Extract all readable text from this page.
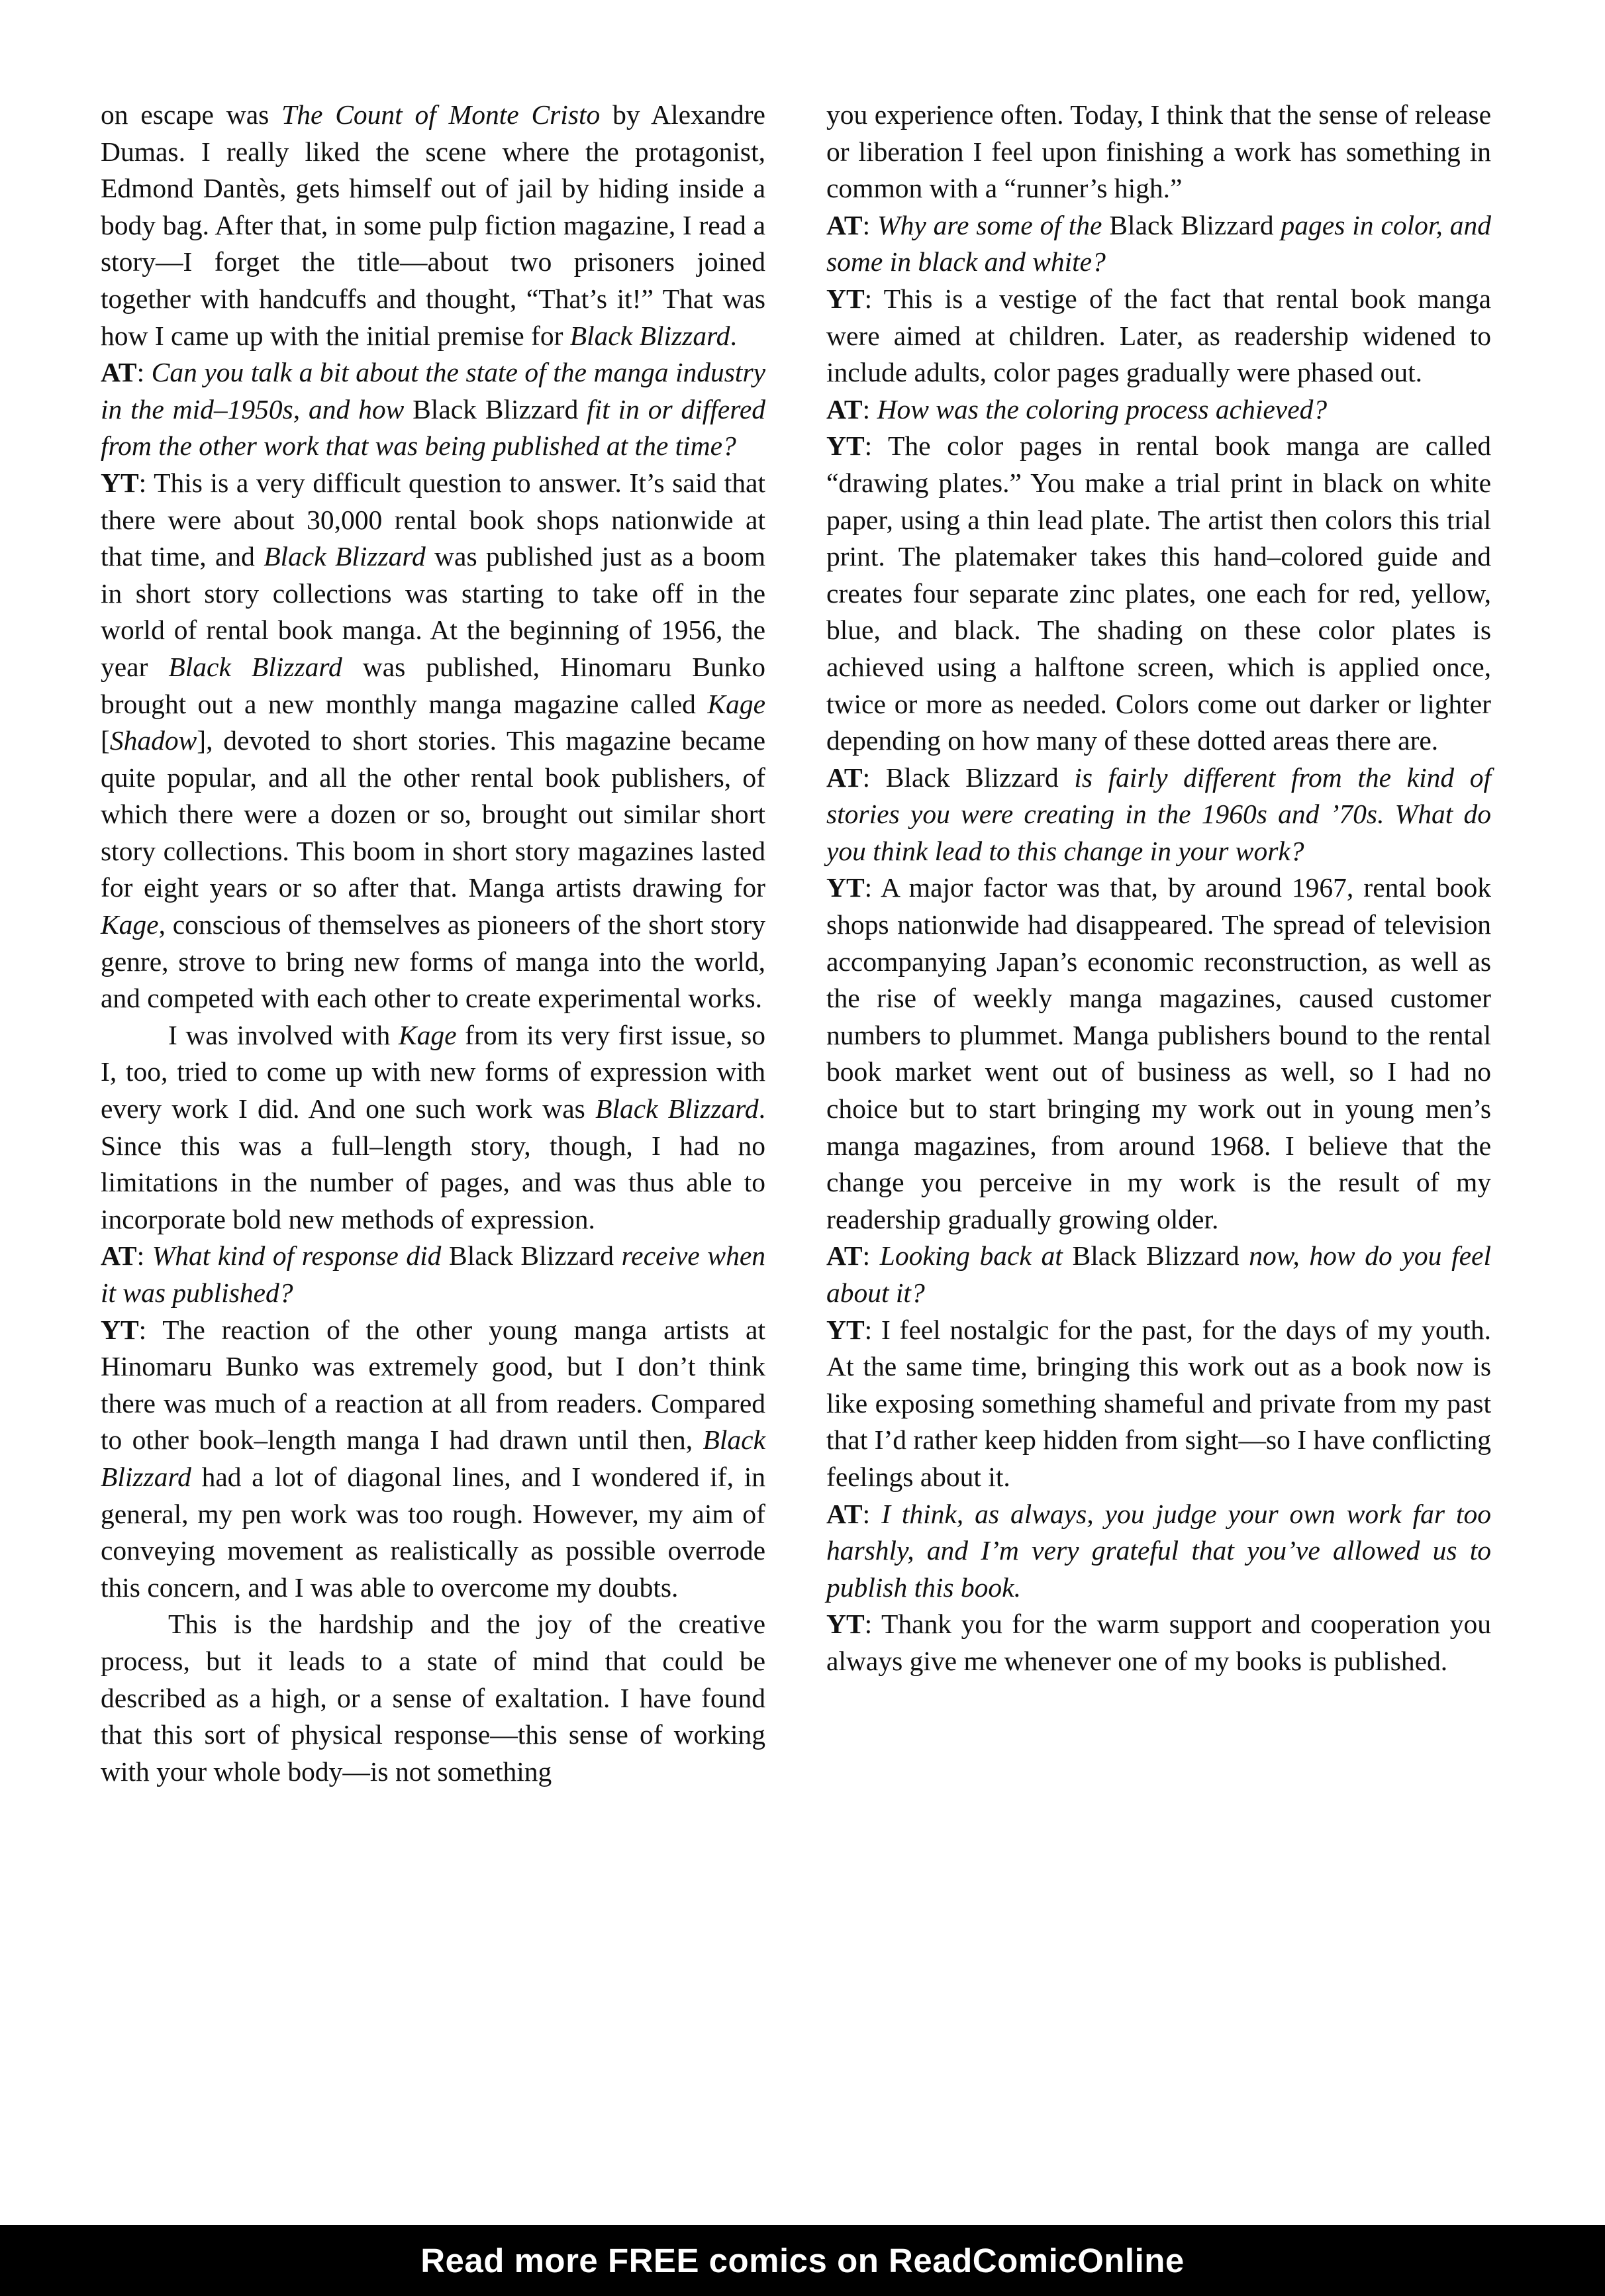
on escape was The Count of Monte Cristo by Alexandre Dumas. I really liked the scene where the protagonist, Edmond Dantès, gets himself out of jail by hiding inside a body bag. After that, in some pulp fiction magazine, I read a story—I forget the title—about two prisoners joined together with handcuffs and thought, “That’s it!” That was how I came up with the initial premise for Black Blizzard.

AT: Can you talk a bit about the state of the manga industry in the mid–1950s, and how Black Blizzard fit in or differed from the other work that was being published at the time?

YT: This is a very difficult question to answer. It’s said that there were about 30,000 rental book shops nationwide at that time, and Black Blizzard was published just as a boom in short story collections was starting to take off in the world of rental book manga. At the beginning of 1956, the year Black Blizzard was published, Hinomaru Bunko brought out a new monthly manga magazine called Kage [Shadow], devoted to short stories. This magazine became quite popular, and all the other rental book publishers, of which there were a dozen or so, brought out similar short story collections. This boom in short story magazines lasted for eight years or so after that. Manga artists drawing for Kage, conscious of themselves as pioneers of the short story genre, strove to bring new forms of manga into the world, and competed with each other to create experimental works.

I was involved with Kage from its very first issue, so I, too, tried to come up with new forms of expression with every work I did. And one such work was Black Blizzard. Since this was a full–length story, though, I had no limitations in the number of pages, and was thus able to incorporate bold new methods of expression.

AT: What kind of response did Black Blizzard receive when it was published?

YT: The reaction of the other young manga artists at Hinomaru Bunko was extremely good, but I don’t think there was much of a reaction at all from readers. Compared to other book–length manga I had drawn until then, Black Blizzard had a lot of diagonal lines, and I wondered if, in general, my pen work was too rough. However, my aim of conveying movement as realistically as possible overrode this concern, and I was able to overcome my doubts.

This is the hardship and the joy of the creative process, but it leads to a state of mind that could be described as a high, or a sense of exaltation. I have found that this sort of physical response—this sense of working with your whole body—is not something

you experience often. Today, I think that the sense of release or liberation I feel upon finishing a work has something in common with a “runner’s high.”

AT: Why are some of the Black Blizzard pages in color, and some in black and white?

YT: This is a vestige of the fact that rental book manga were aimed at children. Later, as readership widened to include adults, color pages gradually were phased out.

AT: How was the coloring process achieved?

YT: The color pages in rental book manga are called “drawing plates.” You make a trial print in black on white paper, using a thin lead plate. The artist then colors this trial print. The platemaker takes this hand–colored guide and creates four separate zinc plates, one each for red, yellow, blue, and black. The shading on these color plates is achieved using a halftone screen, which is applied once, twice or more as needed. Colors come out darker or lighter depending on how many of these dotted areas there are.

AT: Black Blizzard is fairly different from the kind of stories you were creating in the 1960s and ’70s. What do you think lead to this change in your work?

YT: A major factor was that, by around 1967, rental book shops nationwide had disappeared. The spread of television accompanying Japan’s economic reconstruction, as well as the rise of weekly manga magazines, caused customer numbers to plummet. Manga publishers bound to the rental book market went out of business as well, so I had no choice but to start bringing my work out in young men’s manga magazines, from around 1968. I believe that the change you perceive in my work is the result of my readership gradually growing older.

AT: Looking back at Black Blizzard now, how do you feel about it?

YT: I feel nostalgic for the past, for the days of my youth. At the same time, bringing this work out as a book now is like exposing something shameful and private from my past that I’d rather keep hidden from sight—so I have conflicting feelings about it.

AT: I think, as always, you judge your own work far too harshly, and I’m very grateful that you’ve allowed us to publish this book.

YT: Thank you for the warm support and cooperation you always give me whenever one of my books is published.

Read more FREE comics on ReadComicOnline
